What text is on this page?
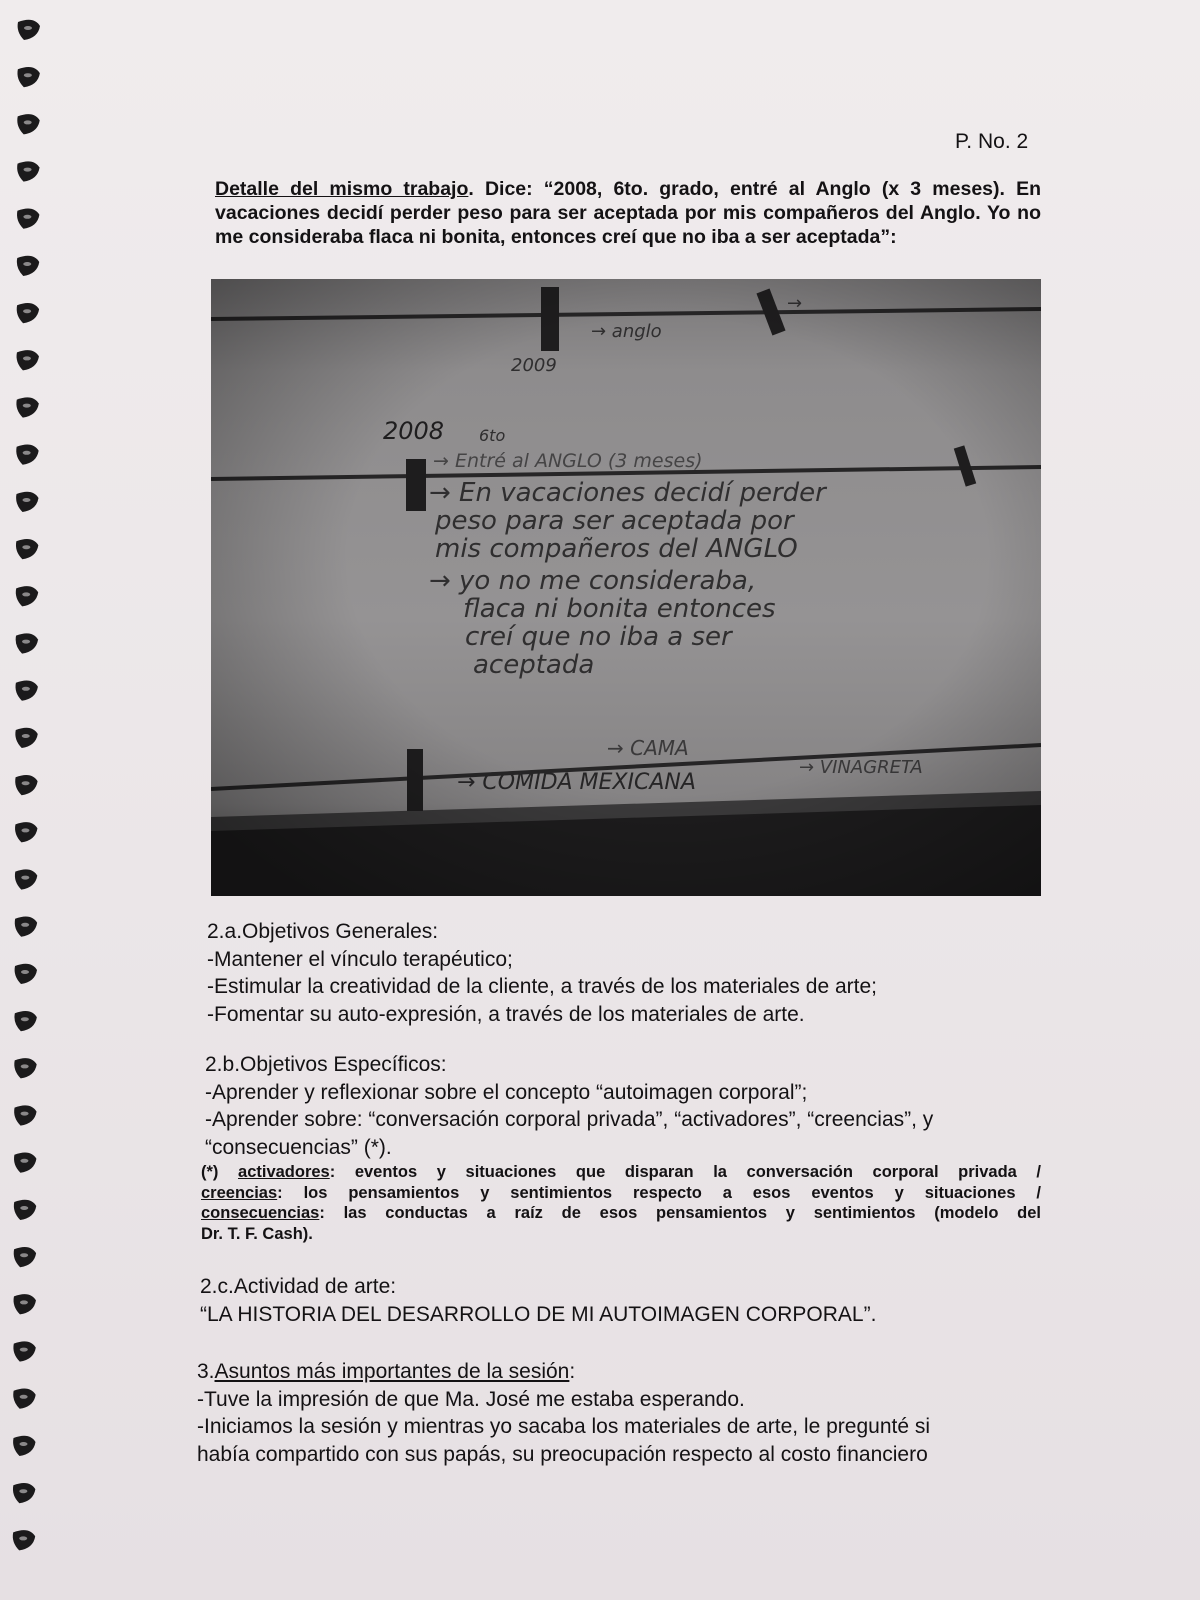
P. No. 2
Detalle del mismo trabajo. Dice: “2008, 6to. grado, entré al Anglo (x 3 meses). En vacaciones decidí perder peso para ser aceptada por mis compañeros del Anglo. Yo no me consideraba flaca ni bonita, entonces creí que no iba a ser aceptada”:
2.a.Objetivos Generales:
-Mantener el vínculo terapéutico;
-Estimular la creatividad de la cliente, a través de los materiales de arte;
-Fomentar su auto-expresión, a través de los materiales de arte.
2.b.Objetivos Específicos:
-Aprender y reflexionar sobre el concepto “autoimagen corporal”;
-Aprender sobre: “conversación corporal privada”, “activadores”, “creencias”, y
“consecuencias” (*).
(*) activadores: eventos y situaciones que disparan la conversación corporal privada /
creencias: los pensamientos y sentimientos respecto a esos eventos y situaciones /
consecuencias: las conductas a raíz de esos pensamientos y sentimientos (modelo del
Dr. T. F. Cash).
2.c.Actividad de arte:
“LA HISTORIA DEL DESARROLLO DE MI AUTOIMAGEN CORPORAL”.
3.Asuntos más importantes de la sesión:
-Tuve la impresión de que Ma. José me estaba esperando.
-Iniciamos la sesión y mientras yo sacaba los materiales de arte, le pregunté si
había compartido con sus papás, su preocupación respecto al costo financiero
